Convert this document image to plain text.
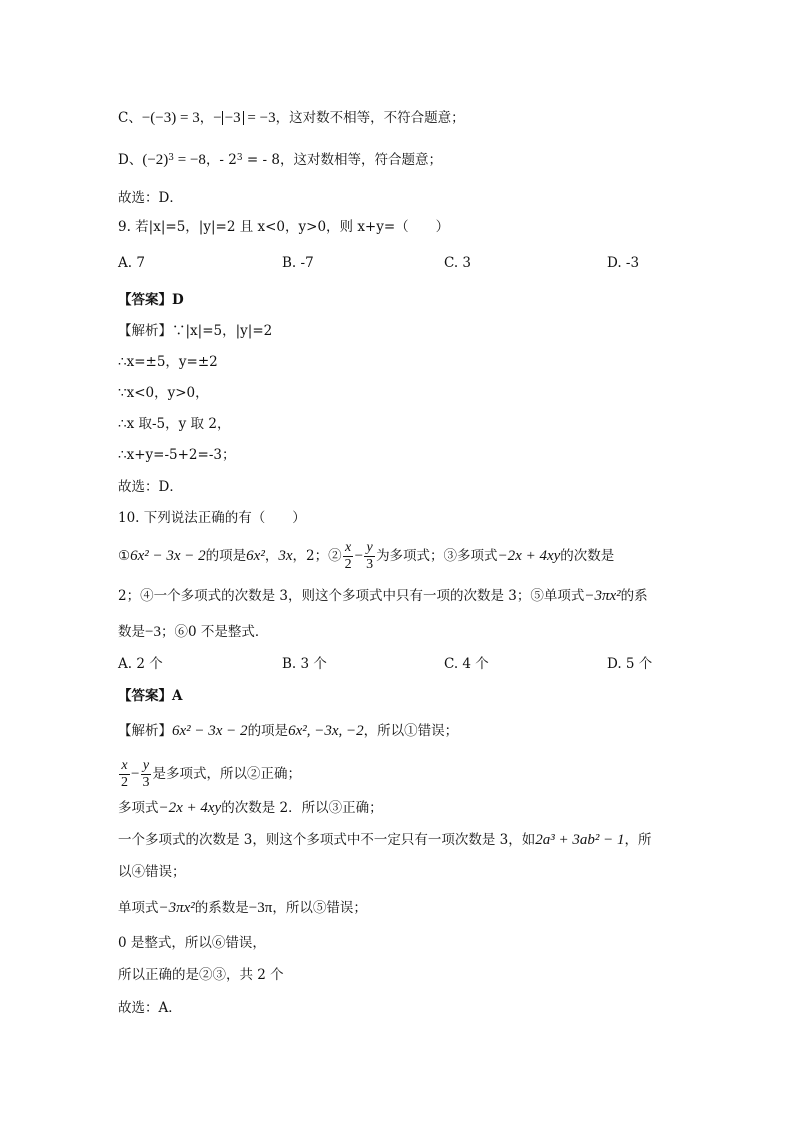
C、−(−3) = 3，− −3 = −3，这对数不相等，不符合题意；
D、$(-2)^3 = -8$，- $2^3$ = - 8，这对数相等，符合题意；
故选：D．
9. 若|x|=5，|y|=2 且 x<0，y>0，则 x+y=（　　）
A. 7	B. -7	C. 3	D. -3
【答案】D
【解析】∵|x|=5，|y|=2
∴x=±5，y=±2
∵x<0，y>0，
∴x 取-5，y 取 2，
∴x+y=-5+2=-3；
故选：D．
10. 下列说法正确的有（　　）
①6x² − 3x − 2的项是6x²，3x，2；② $\frac{x}{2} - \frac{y}{3}$ 为多项式；③多项式−2x + 4xy的次数是
2；④一个多项式的次数是 3，则这个多项式中只有一项的次数是 3；⑤单项式−3πx²的系
数是−3；⑥0 不是整式．
A. 2 个	B. 3 个	C. 4 个	D. 5 个
【答案】A
【解析】6x² − 3x − 2的项是6x², −3x, −2，所以①错误；
$\frac{x}{2} - \frac{y}{3}$ 是多项式，所以②正确；
多项式−2x + 4xy的次数是 2．所以③正确；
一个多项式的次数是 3，则这个多项式中不一定只有一项次数是 3，如2a³ + 3ab² − 1，所
以④错误；
单项式−3πx²的系数是−3π，所以⑤错误；
0 是整式，所以⑥错误，
所以正确的是②③，共 2 个
故选：A．
